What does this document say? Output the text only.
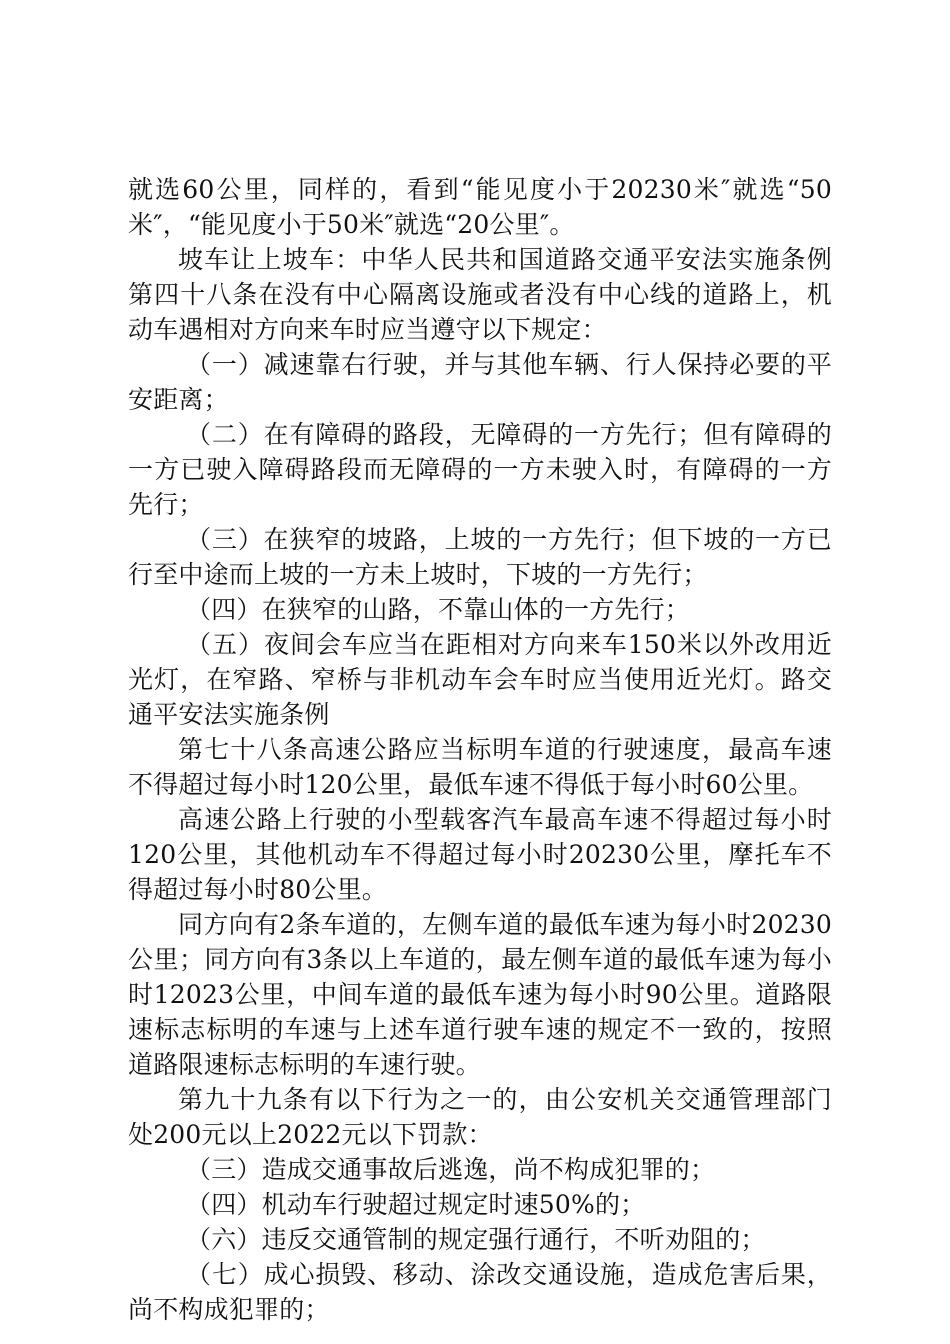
就选60公里，同样的，看到“能见度小于20230米″就选“50米″，“能见度小于50米″就选“20公里″。

坡车让上坡车：中华人民共和国道路交通平安法实施条例第四十八条在没有中心隔离设施或者没有中心线的道路上，机动车遇相对方向来车时应当遵守以下规定：

（一）减速靠右行驶，并与其他车辆、行人保持必要的平安距离；

（二）在有障碍的路段，无障碍的一方先行；但有障碍的一方已驶入障碍路段而无障碍的一方未驶入时，有障碍的一方先行；

（三）在狭窄的坡路，上坡的一方先行；但下坡的一方已行至中途而上坡的一方未上坡时，下坡的一方先行；

（四）在狭窄的山路，不靠山体的一方先行；

（五）夜间会车应当在距相对方向来车150米以外改用近光灯，在窄路、窄桥与非机动车会车时应当使用近光灯。路交通平安法实施条例

第七十八条高速公路应当标明车道的行驶速度，最高车速不得超过每小时120公里，最低车速不得低于每小时60公里。

高速公路上行驶的小型载客汽车最高车速不得超过每小时120公里，其他机动车不得超过每小时20230公里，摩托车不得超过每小时80公里。

同方向有2条车道的，左侧车道的最低车速为每小时20230公里；同方向有3条以上车道的，最左侧车道的最低车速为每小时12023公里，中间车道的最低车速为每小时90公里。道路限速标志标明的车速与上述车道行驶车速的规定不一致的，按照道路限速标志标明的车速行驶。

第九十九条有以下行为之一的，由公安机关交通管理部门处200元以上2022元以下罚款：

（三）造成交通事故后逃逸，尚不构成犯罪的；

（四）机动车行驶超过规定时速50%的；

（六）违反交通管制的规定强行通行，不听劝阻的；

（七）成心损毁、移动、涂改交通设施，造成危害后果，尚不构成犯罪的；
